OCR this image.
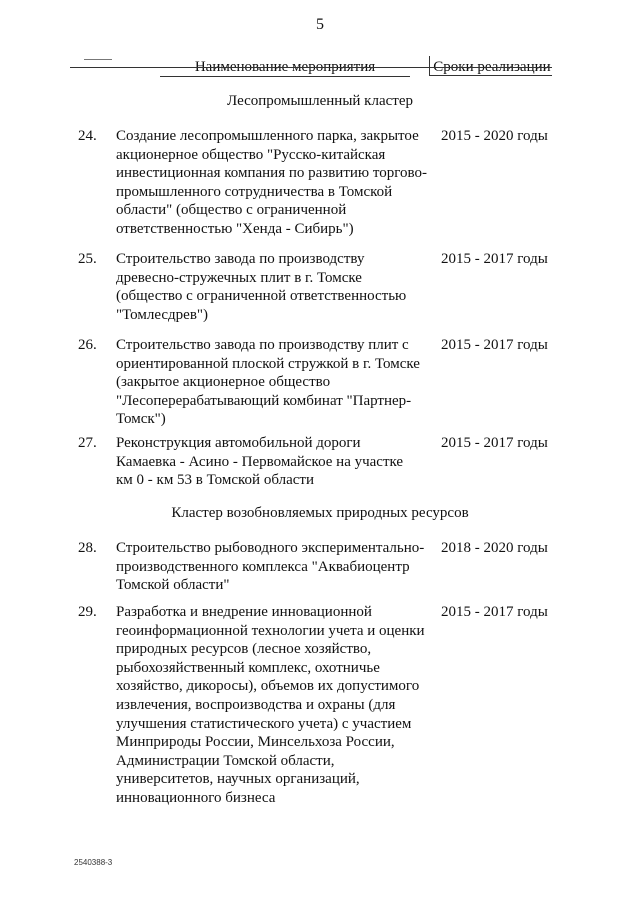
5
Наименование мероприятия	Сроки реализации
Лесопромышленный кластер
24. Создание лесопромышленного парка, закрытое
акционерное общество "Русско-китайская
инвестиционная компания по развитию торгово-
промышленного сотрудничества в Томской
области" (общество с ограниченной
ответственностью "Хенда - Сибирь")
2015 - 2020 годы
25. Строительство завода по производству
древесно-стружечных плит в г. Томске
(общество с ограниченной ответственностью
"Томлесдрев")
2015 - 2017 годы
26. Строительство завода по производству плит с
ориентированной плоской стружкой в г. Томске
(закрытое акционерное общество
"Лесоперерабатывающий комбинат "Партнер-
Томск")
2015 - 2017 годы
27. Реконструкция автомобильной дороги
Камаевка - Асино - Первомайское на участке
км 0 - км 53 в Томской области
2015 - 2017 годы
Кластер возобновляемых природных ресурсов
28. Строительство рыбоводного экспериментально-
производственного комплекса "Аквабиоцентр
Томской области"
2018 - 2020 годы
29. Разработка и внедрение инновационной
геоинформационной технологии учета и оценки
природных ресурсов (лесное хозяйство,
рыбохозяйственный комплекс, охотничье
хозяйство, дикоросы), объемов их допустимого
извлечения, воспроизводства и охраны (для
улучшения статистического учета) с участием
Минприроды России, Минсельхоза России,
Администрации Томской области,
университетов, научных организаций,
инновационного бизнеса
2015 - 2017 годы
2540388-3
